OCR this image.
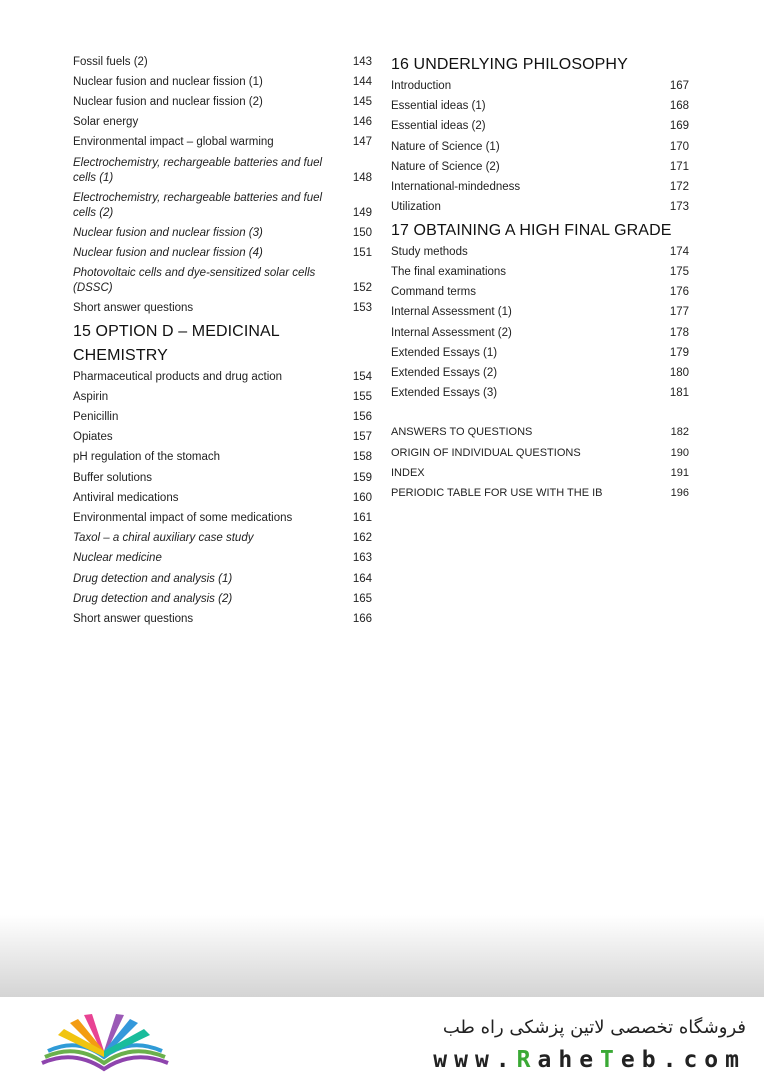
Fossil fuels (2)	143
Nuclear fusion and nuclear fission (1)	144
Nuclear fusion and nuclear fission (2)	145
Solar energy	146
Environmental impact – global warming	147
Electrochemistry, rechargeable batteries and fuel cells (1)	148
Electrochemistry, rechargeable batteries and fuel cells (2)	149
Nuclear fusion and nuclear fission (3)	150
Nuclear fusion and nuclear fission (4)	151
Photovoltaic cells and dye-sensitized solar cells (DSSC)	152
Short answer questions	153
15 OPTION D – MEDICINAL CHEMISTRY
Pharmaceutical products and drug action	154
Aspirin	155
Penicillin	156
Opiates	157
pH regulation of the stomach	158
Buffer solutions	159
Antiviral medications	160
Environmental impact of some medications	161
Taxol – a chiral auxiliary case study	162
Nuclear medicine	163
Drug detection and analysis (1)	164
Drug detection and analysis (2)	165
Short answer questions	166
16 UNDERLYING PHILOSOPHY
Introduction	167
Essential ideas (1)	168
Essential ideas (2)	169
Nature of Science (1)	170
Nature of Science (2)	171
International-mindedness	172
Utilization	173
17 OBTAINING A HIGH FINAL GRADE
Study methods	174
The final examinations	175
Command terms	176
Internal Assessment (1)	177
Internal Assessment (2)	178
Extended Essays (1)	179
Extended Essays (2)	180
Extended Essays (3)	181
ANSWERS TO QUESTIONS	182
ORIGIN OF INDIVIDUAL QUESTIONS	190
INDEX	191
PERIODIC TABLE FOR USE WITH THE IB	196
فروشگاه تخصصی لاتین پزشکی راه طب
www.RaheTeb.com
